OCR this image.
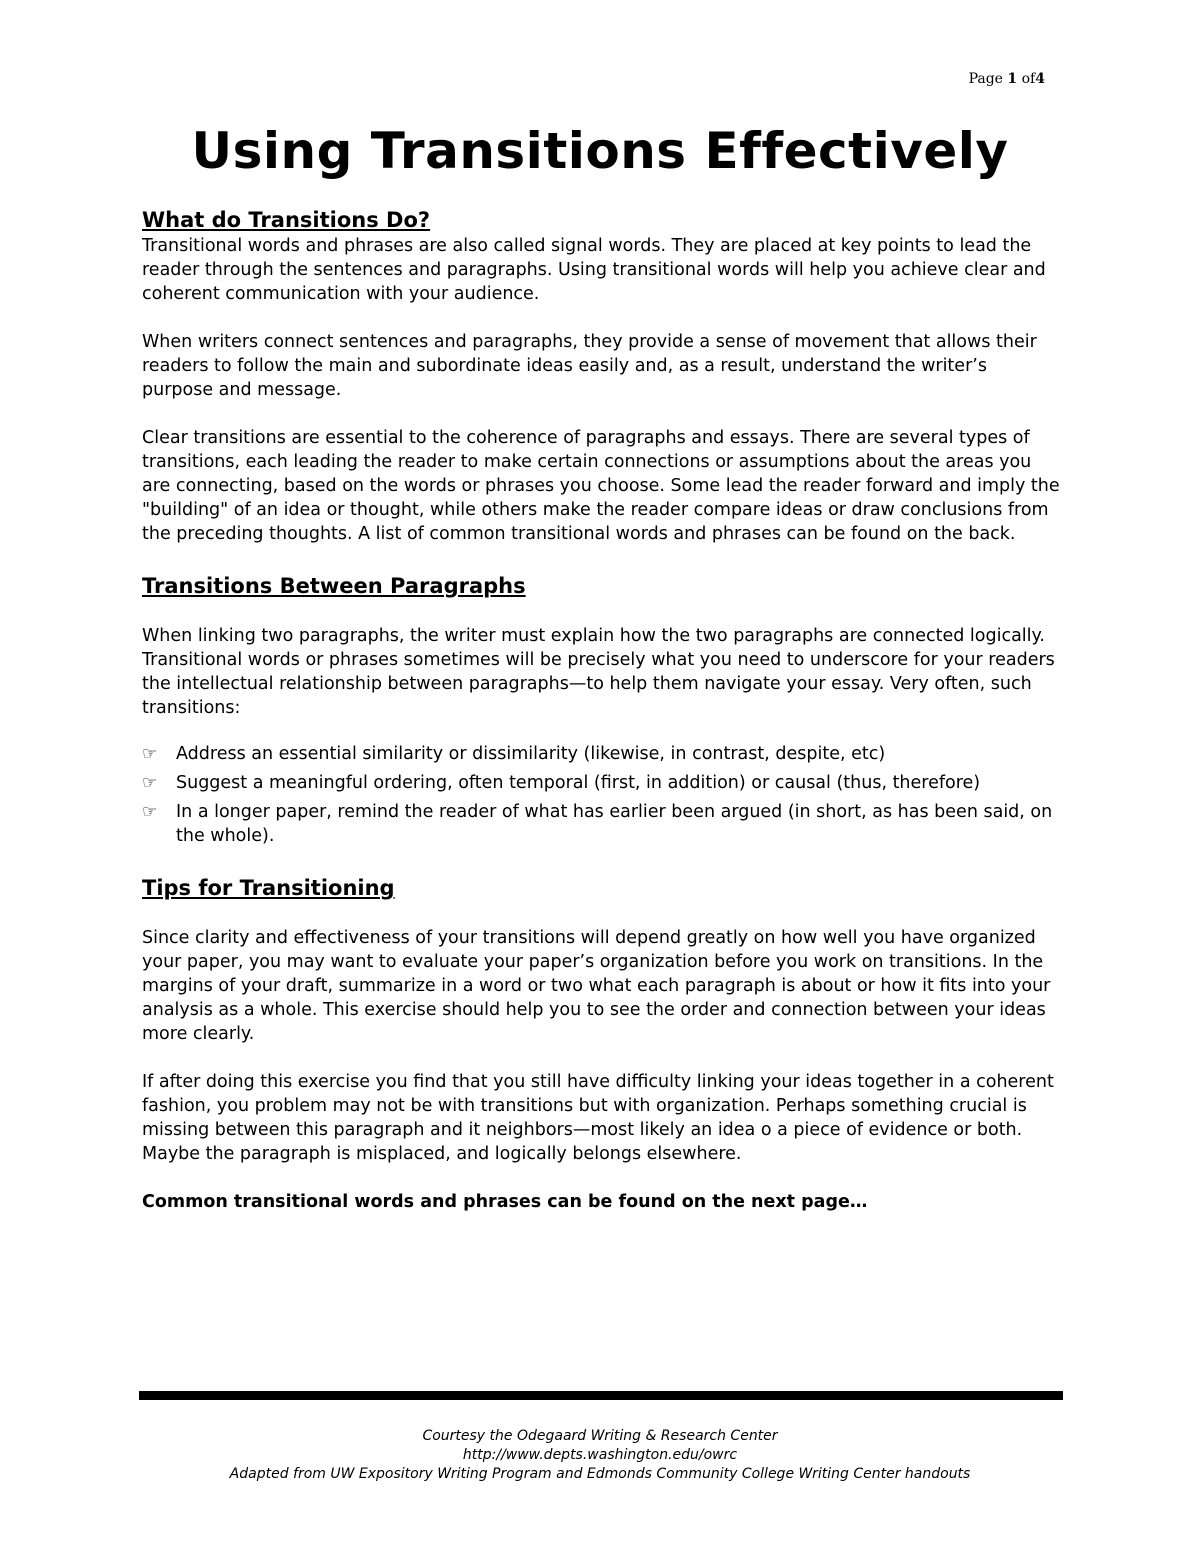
Page 1 of4
Using Transitions Effectively
What do Transitions Do?

Transitional words and phrases are also called signal words. They are placed at key points to lead the reader through the sentences and paragraphs. Using transitional words will help you achieve clear and coherent communication with your audience.

When writers connect sentences and paragraphs, they provide a sense of movement that allows their readers to follow the main and subordinate ideas easily and, as a result, understand the writer’s purpose and message.

Clear transitions are essential to the coherence of paragraphs and essays. There are several types of transitions, each leading the reader to make certain connections or assumptions about the areas you are connecting, based on the words or phrases you choose. Some lead the reader forward and imply the "building" of an idea or thought, while others make the reader compare ideas or draw conclusions from the preceding thoughts. A list of common transitional words and phrases can be found on the back.

Transitions Between Paragraphs

When linking two paragraphs, the writer must explain how the two paragraphs are connected logically. Transitional words or phrases sometimes will be precisely what you need to underscore for your readers the intellectual relationship between paragraphs—to help them navigate your essay. Very often, such transitions:

☞ Address an essential similarity or dissimilarity (likewise, in contrast, despite, etc)
☞ Suggest a meaningful ordering, often temporal (first, in addition) or causal (thus, therefore)
☞ In a longer paper, remind the reader of what has earlier been argued (in short, as has been said, on the whole).
Tips for Transitioning

Since clarity and effectiveness of your transitions will depend greatly on how well you have organized your paper, you may want to evaluate your paper’s organization before you work on transitions. In the margins of your draft, summarize in a word or two what each paragraph is about or how it fits into your analysis as a whole. This exercise should help you to see the order and connection between your ideas more clearly.

If after doing this exercise you find that you still have difficulty linking your ideas together in a coherent fashion, you problem may not be with transitions but with organization. Perhaps something crucial is missing between this paragraph and it neighbors—most likely an idea o a piece of evidence or both. Maybe the paragraph is misplaced, and logically belongs elsewhere.

Common transitional words and phrases can be found on the next page…

Courtesy the Odegaard Writing & Research Center
http://www.depts.washington.edu/owrc
Adapted from UW Expository Writing Program and Edmonds Community College Writing Center handouts
